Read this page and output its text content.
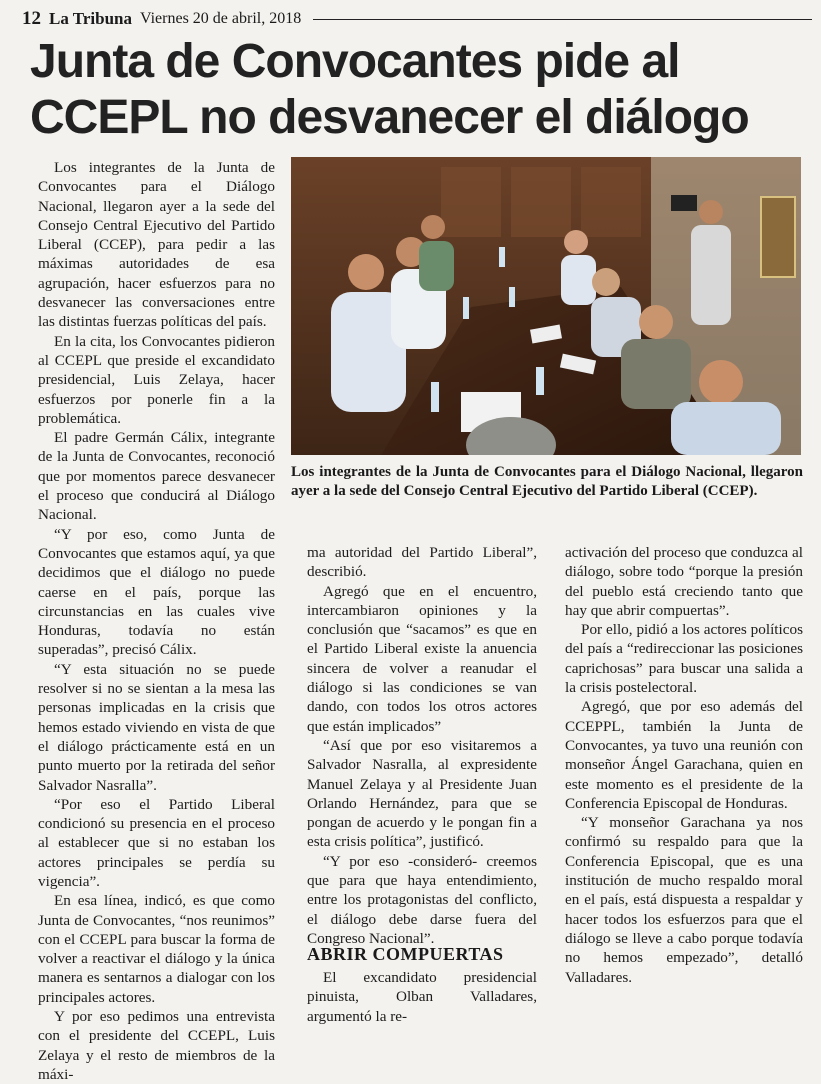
12 La Tribuna Viernes 20 de abril, 2018
Junta de Convocantes pide al CCEPL no desvanecer el diálogo

Los integrantes de la Junta de Convocantes para el Diálogo Nacional, llegaron ayer a la sede del Consejo Central Ejecutivo del Partido Liberal (CCEP), para pedir a las máximas autoridades de esa agrupación, hacer esfuerzos para no desvanecer las conversaciones entre las distintas fuerzas políticas del país.

En la cita, los Convocantes pidieron al CCEPL que preside el excandidato presidencial, Luis Zelaya, hacer esfuerzos por ponerle fin a la problemática.

El padre Germán Cálix, integrante de la Junta de Convocantes, reconoció que por momentos parece desvanecer el proceso que conducirá al Diálogo Nacional.

“Y por eso, como Junta de Convocantes que estamos aquí, ya que decidimos que el diálogo no puede caerse en el país, porque las circunstancias en las cuales vive Honduras, todavía no están superadas”, precisó Cálix.

“Y esta situación no se puede resolver si no se sientan a la mesa las personas implicadas en la crisis que hemos estado viviendo en vista de que el diálogo prácticamente está en un punto muerto por la retirada del señor Salvador Nasralla”.

“Por eso el Partido Liberal condicionó su presencia en el proceso al establecer que si no estaban los actores principales se perdía su vigencia”.

En esa línea, indicó, es que como Junta de Convocantes, “nos reunimos” con el CCEPL para buscar la forma de volver a reactivar el diálogo y la única manera es sentarnos a dialogar con los principales actores.

Y por eso pedimos una entrevista con el presidente del CCEPL, Luis Zelaya y el resto de miembros de la máxi-

Los integrantes de la Junta de Convocantes para el Diálogo Nacional, llegaron ayer a la sede del Consejo Central Ejecutivo del Partido Liberal (CCEP).

ma autoridad del Partido Liberal”, describió.

Agregó que en el encuentro, intercambiaron opiniones y la conclusión que “sacamos” es que en el Partido Liberal existe la anuencia sincera de volver a reanudar el diálogo si las condiciones se van dando, con todos los otros actores que están implicados”

“Así que por eso visitaremos a Salvador Nasralla, al expresidente Manuel Zelaya y al Presidente Juan Orlando Hernández, para que se pongan de acuerdo y le pongan fin a esta crisis política”, justificó.

“Y por eso -consideró- creemos que para que haya entendimiento, entre los protagonistas del conflicto, el diálogo debe darse fuera del Congreso Nacional”.

ABRIR COMPUERTAS

El excandidato presidencial pinuista, Olban Valladares, argumentó la re-

activación del proceso que conduzca al diálogo, sobre todo “porque la presión del pueblo está creciendo tanto que hay que abrir compuertas”.

Por ello, pidió a los actores políticos del país a “redireccionar las posiciones caprichosas” para buscar una salida a la crisis postelectoral.

Agregó, que por eso además del CCEPPL, también la Junta de Convocantes, ya tuvo una reunión con monseñor Ángel Garachana, quien en este momento es el presidente de la Conferencia Episcopal de Honduras.

“Y monseñor Garachana ya nos confirmó su respaldo para que la Conferencia Episcopal, que es una institución de mucho respaldo moral en el país, está dispuesta a respaldar y hacer todos los esfuerzos para que el diálogo se lleve a cabo porque todavía no hemos empezado”, detalló Valladares.
